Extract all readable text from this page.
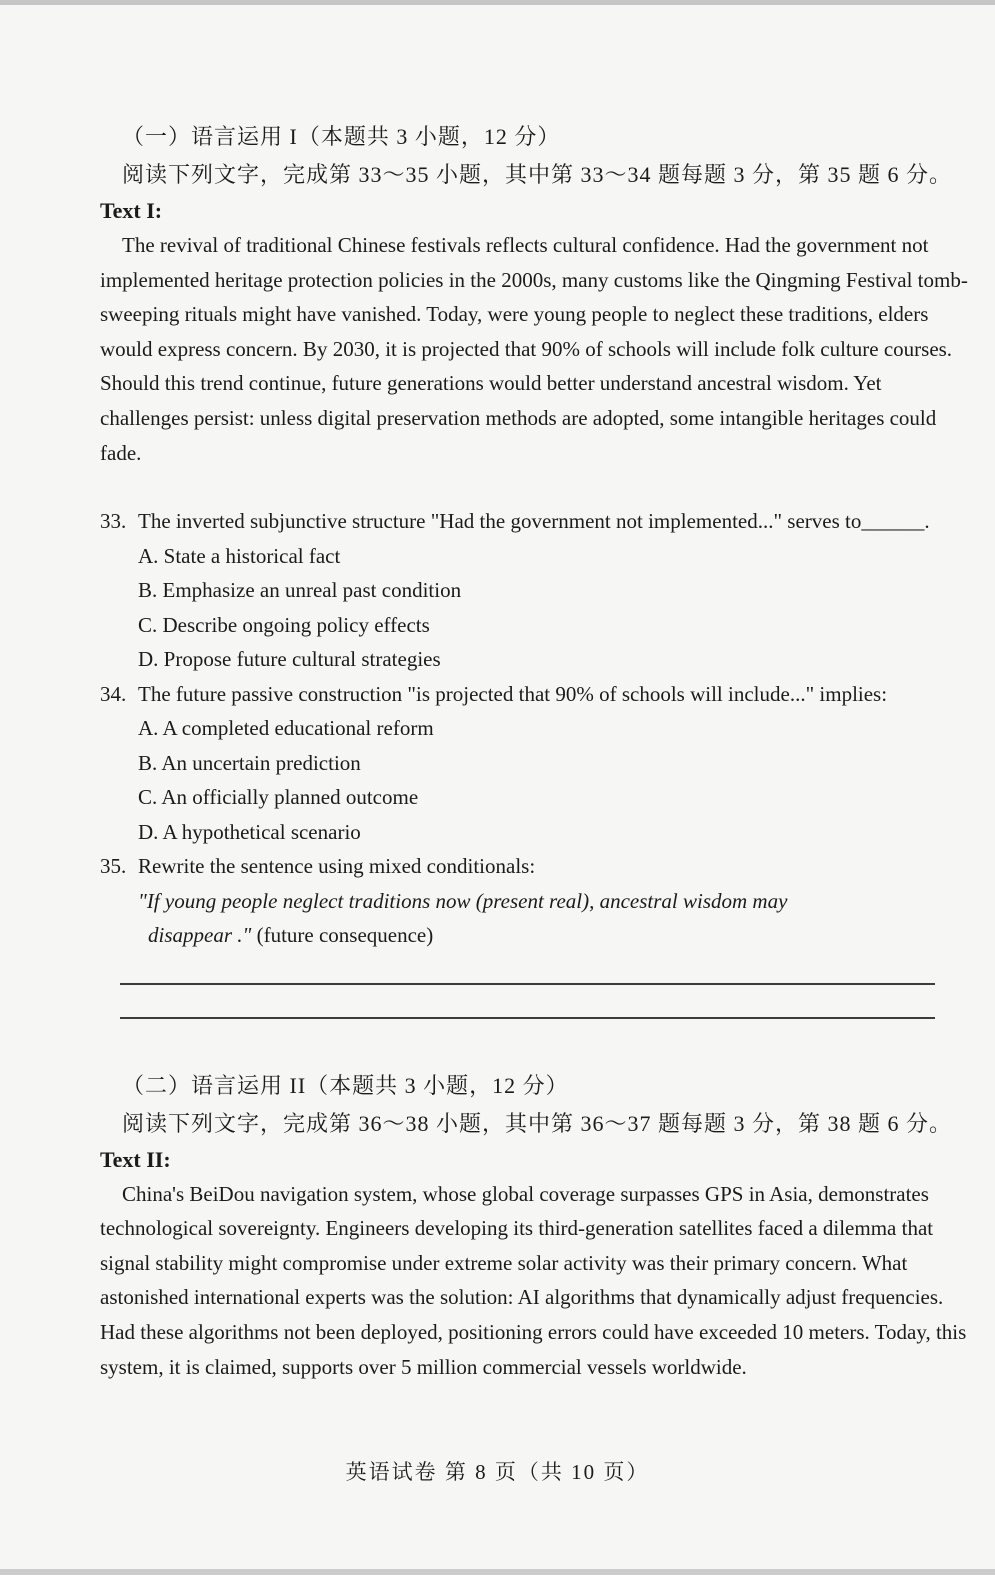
（一）语言运用 I（本题共 3 小题，12 分）
阅读下列文字，完成第 33～35 小题，其中第 33～34 题每题 3 分，第 35 题 6 分。
Text I:
The revival of traditional Chinese festivals reflects cultural confidence. Had the government not implemented heritage protection policies in the 2000s, many customs like the Qingming Festival tomb-sweeping rituals might have vanished. Today, were young people to neglect these traditions, elders would express concern. By 2030, it is projected that 90% of schools will include folk culture courses. Should this trend continue, future generations would better understand ancestral wisdom. Yet challenges persist: unless digital preservation methods are adopted, some intangible heritages could fade.
33. The inverted subjunctive structure "Had the government not implemented..." serves to______.
A. State a historical fact
B. Emphasize an unreal past condition
C. Describe ongoing policy effects
D. Propose future cultural strategies
34. The future passive construction "is projected that 90% of schools will include..." implies:
A. A completed educational reform
B. An uncertain prediction
C. An officially planned outcome
D. A hypothetical scenario
35. Rewrite the sentence using mixed conditionals:
"If young people neglect traditions now (present real), ancestral wisdom may
disappear ." (future consequence)
（二）语言运用 II（本题共 3 小题，12 分）
阅读下列文字，完成第 36～38 小题，其中第 36～37 题每题 3 分，第 38 题 6 分。
Text II:
China's BeiDou navigation system, whose global coverage surpasses GPS in Asia, demonstrates technological sovereignty. Engineers developing its third-generation satellites faced a dilemma that signal stability might compromise under extreme solar activity was their primary concern. What astonished international experts was the solution: AI algorithms that dynamically adjust frequencies. Had these algorithms not been deployed, positioning errors could have exceeded 10 meters. Today, this system, it is claimed, supports over 5 million commercial vessels worldwide.
英语试卷 第 8 页（共 10 页）
